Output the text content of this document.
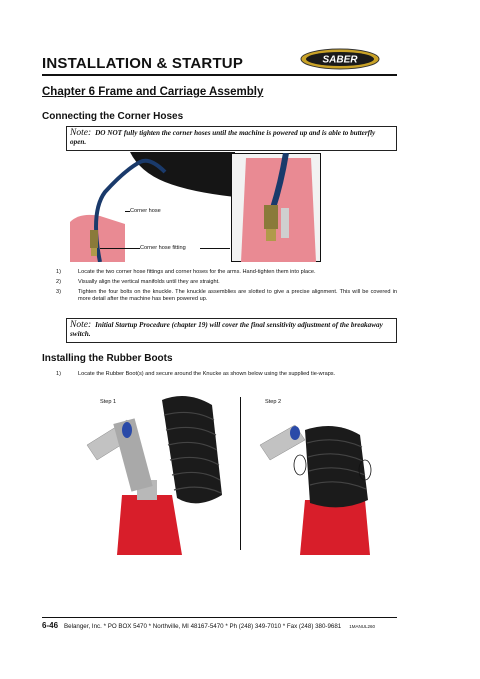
INSTALLATION & STARTUP	SABER
Chapter 6 Frame and Carriage Assembly
Connecting the Corner Hoses
Note: DO NOT fully tighten the corner hoses until the machine is powered up and is able to butterfly open.
Corner hose
Corner hose fitting
1)	Locate the two corner hose fittings and corner hoses for the arms. Hand-tighten them into place.
2)	Visually align the vertical manifolds until they are straight.
3)	Tighten the four bolts on the knuckle. The knuckle assemblies are slotted to give a precise alignment. This will be covered in more detail after the machine has been powered up.
Note: Initial Startup Procedure (chapter 19) will cover the final sensitivity adjustment of the breakaway switch.
Installing the Rubber Boots
1)	Locate the Rubber Boot(s) and secure around the Knucke as shown below using the supplied tie-wraps.
Step 1	Step 2
6-46 Belanger, Inc. * PO BOX 5470 * Northville, MI 48167-5470 * Ph (248) 349-7010 * Fax (248) 380-9681 1MANUL260
